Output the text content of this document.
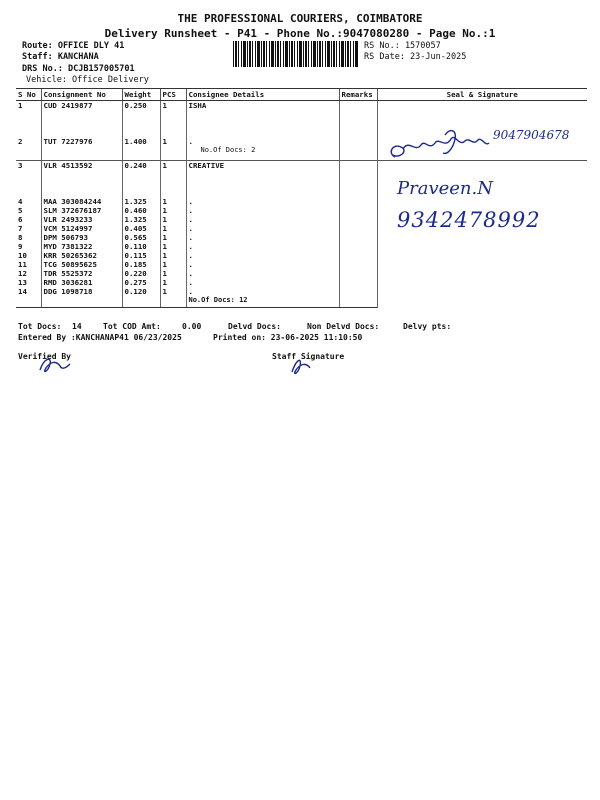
THE PROFESSIONAL COURIERS, COIMBATORE
Delivery Runsheet - P41 - Phone No.:9047080280 - Page No.:1
Route: OFFICE DLY 41
Staff: KANCHANA
DRS No.: DCJB157005701
Vehicle: Office Delivery
RS No.: 1570057
RS Date: 23-Jun-2025
S No	Consignment No	Weight	PCS	Consignee Details	Remarks	Seal & Signature
1	CUD 2419877	0.250	1	ISHA		
2	TUT 7227976	1.400	1	.
No.Of Docs: 2		

3	VLR 4513592	0.240	1	CREATIVE		
4	MAA 303084244	1.325	1	.		
5	SLM 372676187	0.460	1	.		
6	VLR 2493233	1.325	1	.		
7	VCM 5124997	0.405	1	.		
8	DPM 506793	0.565	1	.		
9	MYD 7381322	0.110	1	.		
10	KRR 50265362	0.115	1	.		
11	TCG 50895625	0.185	1	.		
12	TDR 5525372	0.220	1	.		
13	RMD 3036281	0.275	1	.		
14	DDG 1098718	0.120	1	.		
				No.Of Docs: 12		
9047904678
Praveen.N
9342478992
Tot Docs: 14	Tot COD Amt:	0.00	Delvd Docs:	Non Delvd Docs:	Delvy pts:
Entered By :KANCHANAP41 06/23/2025	Printed on: 23-06-2025 11:10:50
Verified By	Staff Signature
